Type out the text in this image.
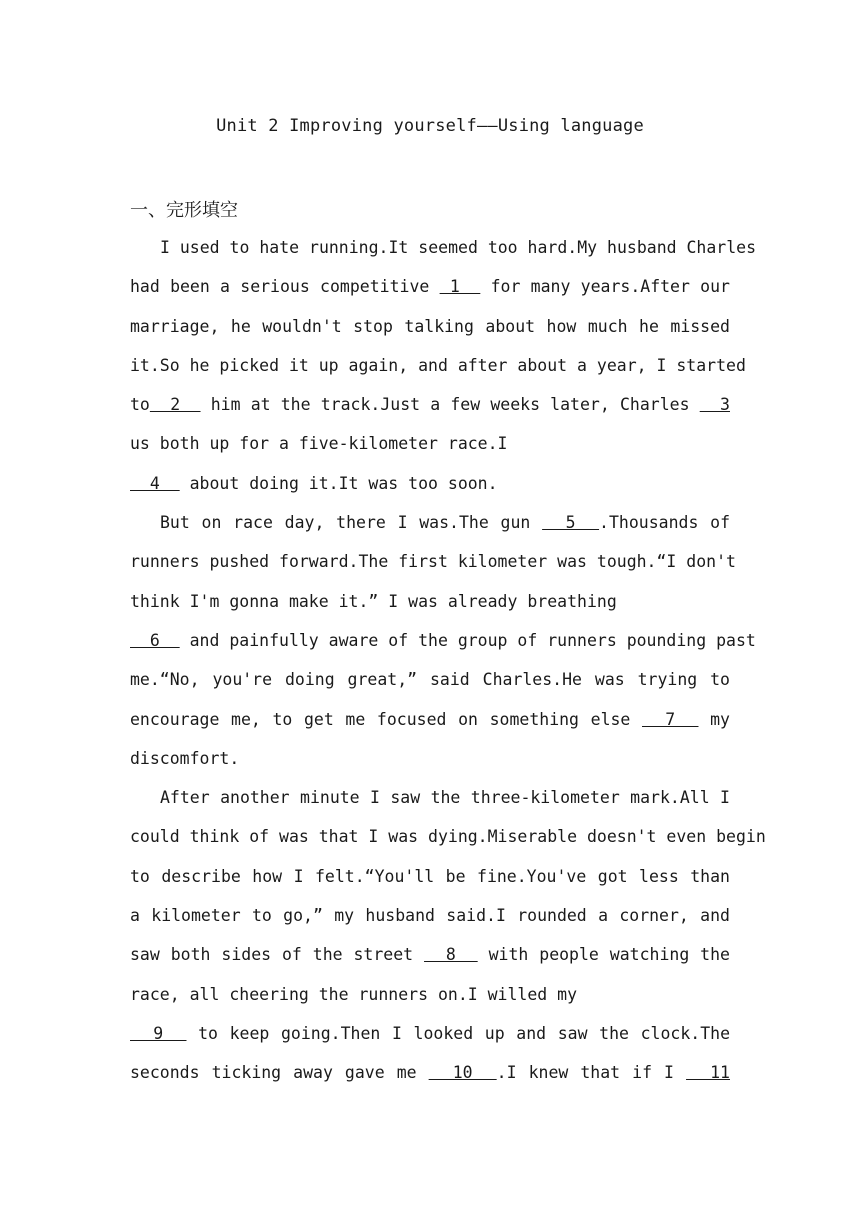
Unit 2 Improving yourself——Using language
一、完形填空
I used to hate running.It seemed too hard.My husband Charles
had been a serious competitive  1   for many years.After our
marriage, he wouldn't stop talking about how much he missed
it.So he picked it up again, and after about a year, I started
to  2   him at the track.Just a few weeks later, Charles   3
us both up for a five-kilometer race.I
4   about doing it.It was too soon.
But on race day, there I was.The gun   5  .Thousands of
runners pushed forward.The first kilometer was tough.“I don't
think I'm gonna make it.” I was already breathing
6   and painfully aware of the group of runners pounding past
me.“No, you're doing great,” said Charles.He was trying to
encourage me, to get me focused on something else   7   my
discomfort.
After another minute I saw the three-kilometer mark.All I
could think of was that I was dying.Miserable doesn't even begin
to describe how I felt.“You'll be fine.You've got less than
a kilometer to go,” my husband said.I rounded a corner, and
saw both sides of the street   8   with people watching the
race, all cheering the runners on.I willed my
9   to keep going.Then I looked up and saw the clock.The
seconds ticking away gave me   10  .I knew that if I   11
